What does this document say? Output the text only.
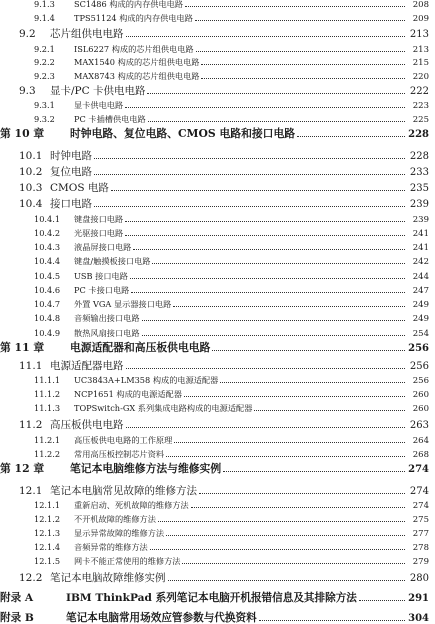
9.1.3	SC1486 构成的内存供电电路	208
9.1.4	TPS51124 构成的内存供电电路	209
9.2	芯片组供电电路	213
9.2.1	ISL6227 构成的芯片组供电电路	213
9.2.2	MAX1540 构成的芯片组供电电路	215
9.2.3	MAX8743 构成的芯片组供电电路	220
9.3	显卡/PC 卡供电电路	222
9.3.1	显卡供电电路	223
9.3.2	PC 卡插槽供电电路	225
第 10 章	时钟电路、复位电路、CMOS 电路和接口电路	228
10.1 时钟电路	228
10.2 复位电路	233
10.3 CMOS 电路	235
10.4 接口电路	239
10.4.1	键盘接口电路	239
10.4.2	光驱接口电路	241
10.4.3	液晶屏接口电路	241
10.4.4	键盘/触摸板接口电路	242
10.4.5	USB 接口电路	244
10.4.6	PC 卡接口电路	247
10.4.7	外置 VGA 显示器接口电路	249
10.4.8	音频输出接口电路	249
10.4.9	散热风扇接口电路	254
第 11 章	电源适配器和高压板供电电路	256
11.1 电源适配器电路	256
11.1.1	UC3843A+LM358 构成的电源适配器	256
11.1.2	NCP1651 构成的电源适配器	260
11.1.3	TOPSwitch-GX 系列集成电路构成的电源适配器	260
11.2 高压板供电电路	263
11.2.1	高压板供电电路的工作原理	264
11.2.2	常用高压板控制芯片资料	268
第 12 章	笔记本电脑维修方法与维修实例	274
12.1 笔记本电脑常见故障的维修方法	274
12.1.1	重新启动、死机故障的维修方法	274
12.1.2	不开机故障的维修方法	275
12.1.3	显示异常故障的维修方法	277
12.1.4	音频异常的维修方法	278
12.1.5	网卡不能正常使用的维修方法	279
12.2 笔记本电脑故障维修实例	280
附录 A	IBM ThinkPad 系列笔记本电脑开机报错信息及其排除方法	291
附录 B	笔记本电脑常用场效应管参数与代换资料	304
